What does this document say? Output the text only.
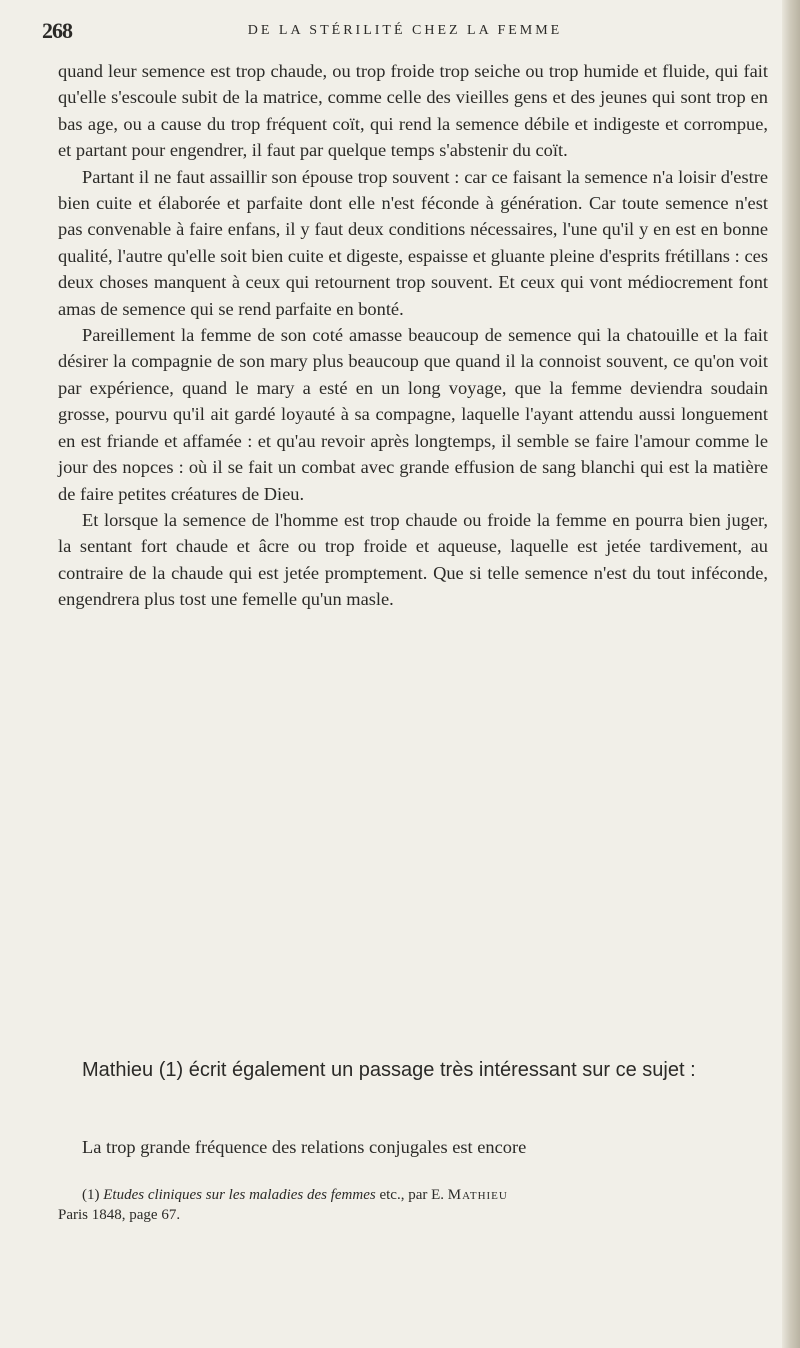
268	DE LA STÉRILITÉ CHEZ LA FEMME

quand leur semence est trop chaude, ou trop froide trop seiche ou trop humide et fluide, qui fait qu'elle s'escoule subit de la matrice, comme celle des vieilles gens et des jeunes qui sont trop en bas age, ou a cause du trop fréquent coït, qui rend la semence débile et indigeste et corrompue, et partant pour engendrer, il faut par quelque temps s'abstenir du coït.

Partant il ne faut assaillir son épouse trop souvent : car ce faisant la semence n'a loisir d'estre bien cuite et élaborée et parfaite dont elle n'est féconde à génération. Car toute semence n'est pas convenable à faire enfans, il y faut deux conditions nécessaires, l'une qu'il y en est en bonne qualité, l'autre qu'elle soit bien cuite et digeste, espaisse et gluante pleine d'esprits frétillans : ces deux choses manquent à ceux qui retournent trop souvent. Et ceux qui vont médiocrement font amas de semence qui se rend parfaite en bonté.

Pareillement la femme de son coté amasse beaucoup de semence qui la chatouille et la fait désirer la compagnie de son mary plus beaucoup que quand il la connoist souvent, ce qu'on voit par expérience, quand le mary a esté en un long voyage, que la femme deviendra soudain grosse, pourvu qu'il ait gardé loyauté à sa compagne, laquelle l'ayant attendu aussi longuement en est friande et affamée : et qu'au revoir après longtemps, il semble se faire l'amour comme le jour des nopces : où il se fait un combat avec grande effusion de sang blanchi qui est la matière de faire petites créatures de Dieu.

Et lorsque la semence de l'homme est trop chaude ou froide la femme en pourra bien juger, la sentant fort chaude et âcre ou trop froide et aqueuse, laquelle est jetée tardivement, au contraire de la chaude qui est jetée promptement. Que si telle semence n'est du tout inféconde, engendrera plus tost une femelle qu'un masle.

Mathieu (1) écrit également un passage très intéressant sur ce sujet :

La trop grande fréquence des relations conjugales est encore

(1) Etudes cliniques sur les maladies des femmes etc., par E. Mathieu
Paris 1848, page 67.
